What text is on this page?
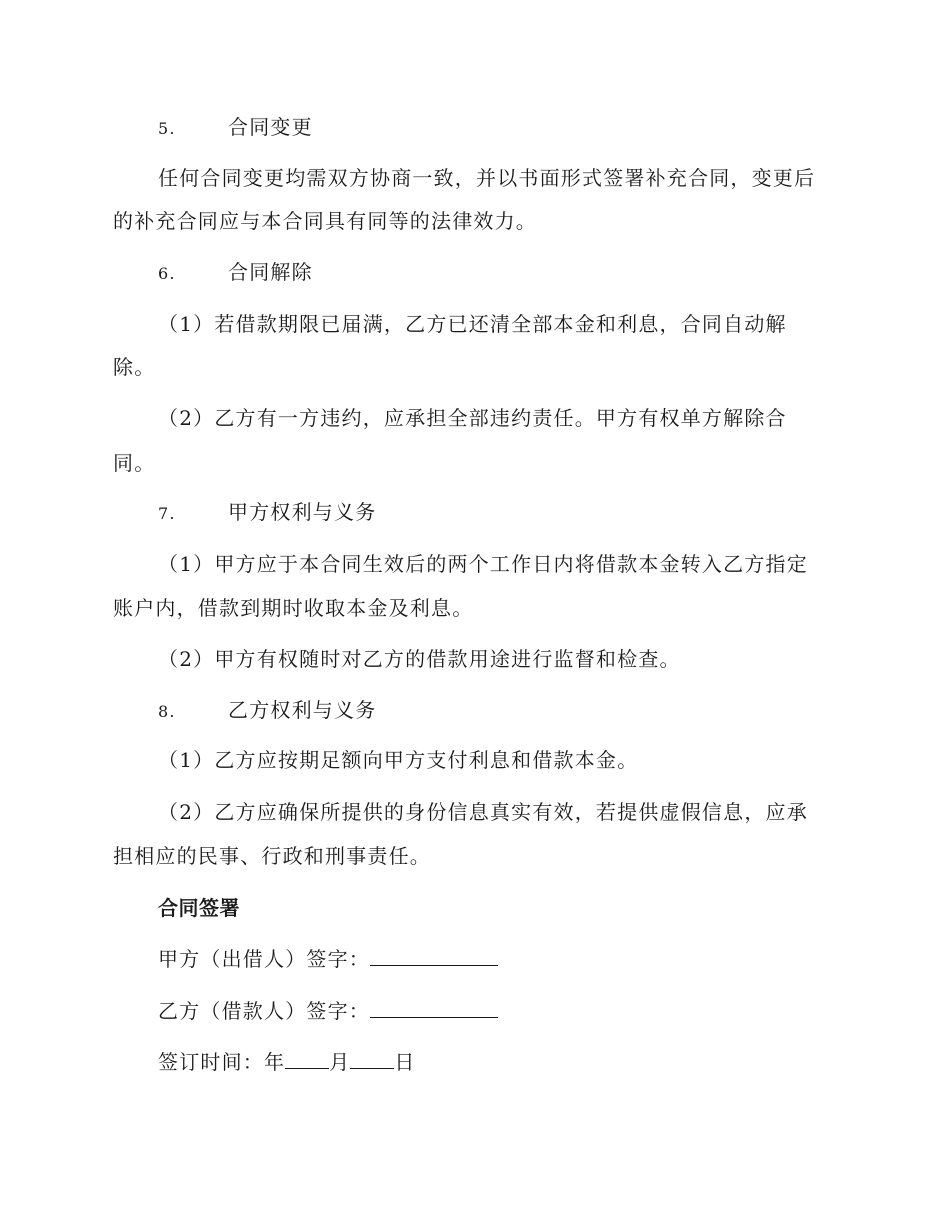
5.	合同变更
任何合同变更均需双方协商一致，并以书面形式签署补充合同，变更后
的补充合同应与本合同具有同等的法律效力。
6.	合同解除
（1）若借款期限已届满，乙方已还清全部本金和利息，合同自动解
除。
（2）乙方有一方违约，应承担全部违约责任。甲方有权单方解除合
同。
7.	甲方权利与义务
（1）甲方应于本合同生效后的两个工作日内将借款本金转入乙方指定
账户内，借款到期时收取本金及利息。
（2）甲方有权随时对乙方的借款用途进行监督和检查。
8.	乙方权利与义务
（1）乙方应按期足额向甲方支付利息和借款本金。
（2）乙方应确保所提供的身份信息真实有效，若提供虚假信息，应承
担相应的民事、行政和刑事责任。
合同签署
甲方（出借人）签字：
乙方（借款人）签字：
签订时间：年 月 日
